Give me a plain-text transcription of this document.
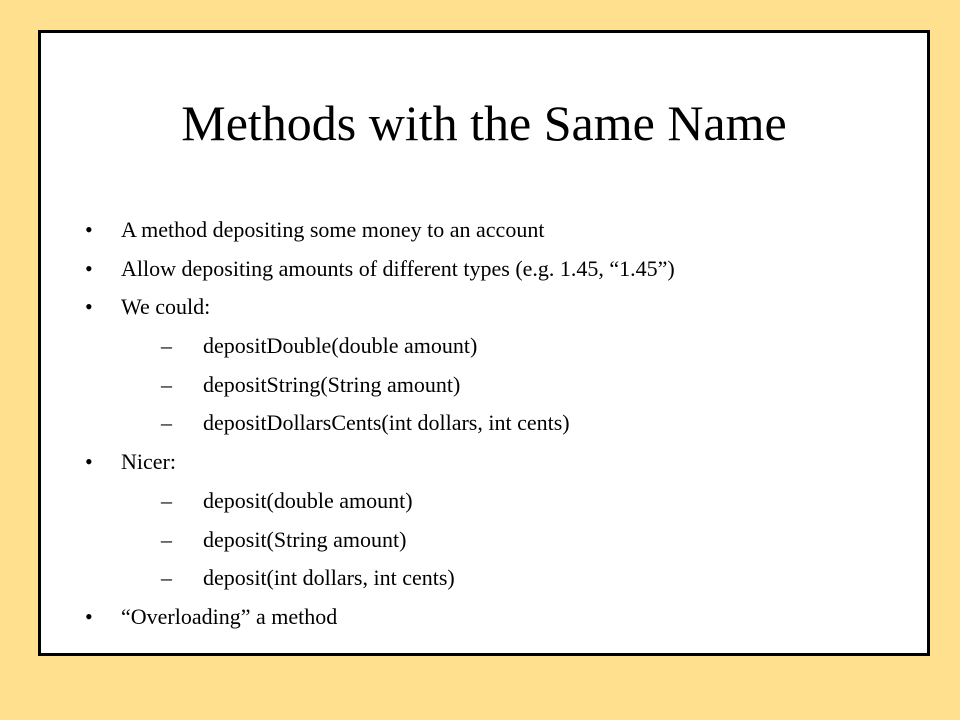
Methods with the Same Name
• A method depositing some money to an account
• Allow depositing amounts of different types (e.g. 1.45, “1.45”)
• We could:
– depositDouble(double amount)
– depositString(String amount)
– depositDollarsCents(int dollars, int cents)
• Nicer:
– deposit(double amount)
– deposit(String amount)
– deposit(int dollars, int cents)
• “Overloading” a method
